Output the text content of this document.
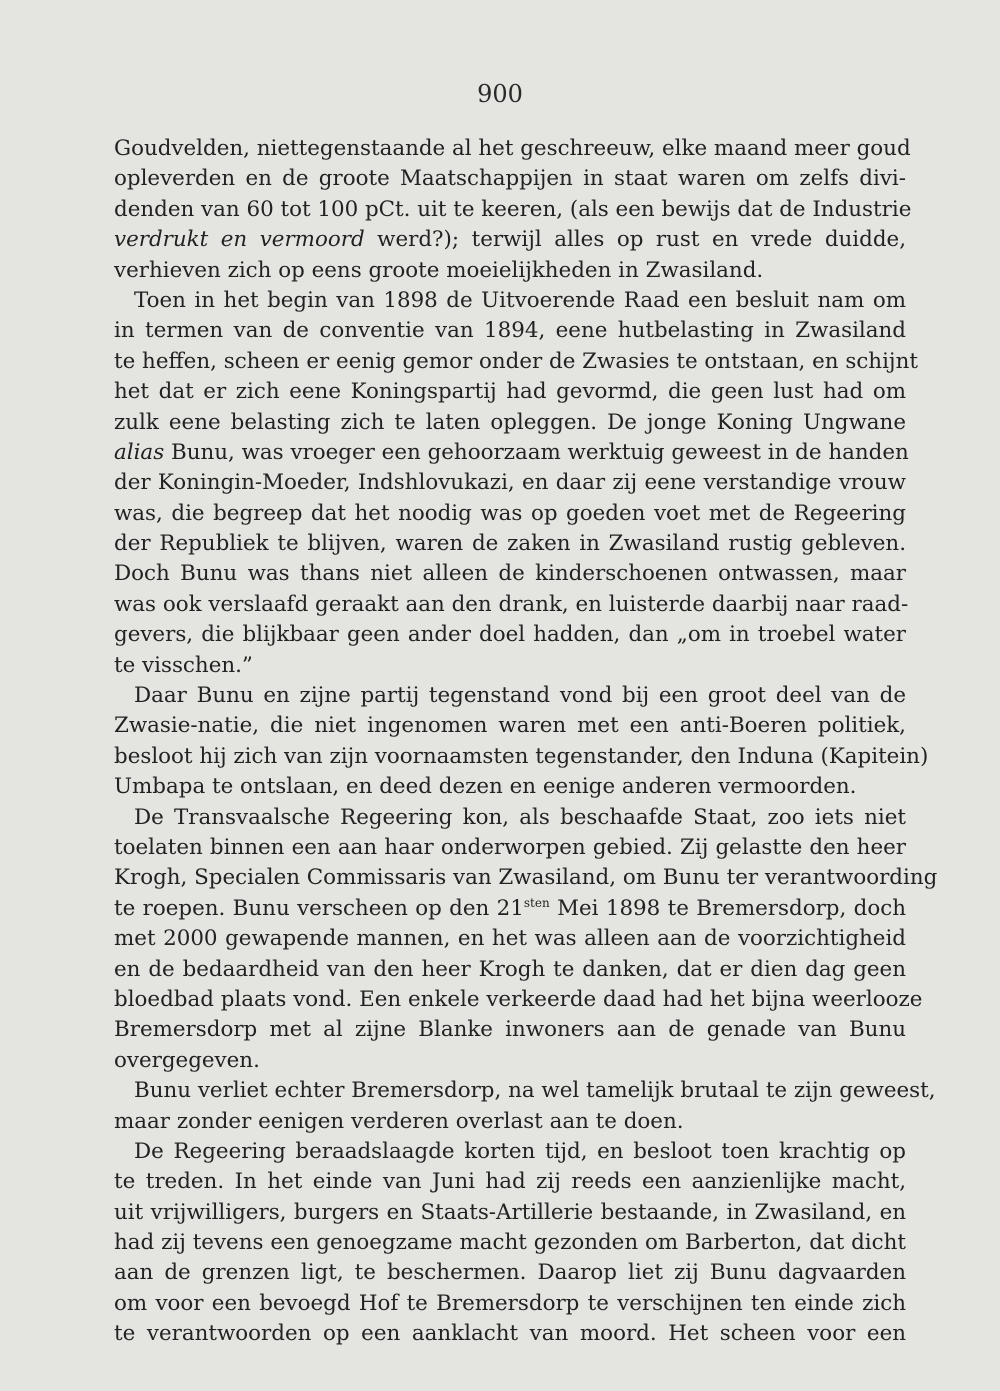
900
Goudvelden, niettegenstaande al het geschreeuw, elke maand meer goud
opleverden en de groote Maatschappijen in staat waren om zelfs divi-
denden van 60 tot 100 pCt. uit te keeren, (als een bewijs dat de Industrie
verdrukt en vermoord werd?); terwijl alles op rust en vrede duidde,
verhieven zich op eens groote moeielijkheden in Zwasiland.
Toen in het begin van 1898 de Uitvoerende Raad een besluit nam om
in termen van de conventie van 1894, eene hutbelasting in Zwasiland
te heffen, scheen er eenig gemor onder de Zwasies te ontstaan, en schijnt
het dat er zich eene Koningspartij had gevormd, die geen lust had om
zulk eene belasting zich te laten opleggen. De jonge Koning Ungwane
alias Bunu, was vroeger een gehoorzaam werktuig geweest in de handen
der Koningin-Moeder, Indshlovukazi, en daar zij eene verstandige vrouw
was, die begreep dat het noodig was op goeden voet met de Regeering
der Republiek te blijven, waren de zaken in Zwasiland rustig gebleven.
Doch Bunu was thans niet alleen de kinderschoenen ontwassen, maar
was ook verslaafd geraakt aan den drank, en luisterde daarbij naar raad-
gevers, die blijkbaar geen ander doel hadden, dan „om in troebel water
te visschen.”
Daar Bunu en zijne partij tegenstand vond bij een groot deel van de
Zwasie-natie, die niet ingenomen waren met een anti-Boeren politiek,
besloot hij zich van zijn voornaamsten tegenstander, den Induna (Kapitein)
Umbapa te ontslaan, en deed dezen en eenige anderen vermoorden.
De Transvaalsche Regeering kon, als beschaafde Staat, zoo iets niet
toelaten binnen een aan haar onderworpen gebied. Zij gelastte den heer
Krogh, Specialen Commissaris van Zwasiland, om Bunu ter verantwoording
te roepen. Bunu verscheen op den $21^{sten}$ Mei 1898 te Bremersdorp, doch
met 2000 gewapende mannen, en het was alleen aan de voorzichtigheid
en de bedaardheid van den heer Krogh te danken, dat er dien dag geen
bloedbad plaats vond. Een enkele verkeerde daad had het bijna weerlooze
Bremersdorp met al zijne Blanke inwoners aan de genade van Bunu
overgegeven.
Bunu verliet echter Bremersdorp, na wel tamelijk brutaal te zijn geweest,
maar zonder eenigen verderen overlast aan te doen.
De Regeering beraadslaagde korten tijd, en besloot toen krachtig op
te treden. In het einde van Juni had zij reeds een aanzienlijke macht,
uit vrijwilligers, burgers en Staats-Artillerie bestaande, in Zwasiland, en
had zij tevens een genoegzame macht gezonden om Barberton, dat dicht
aan de grenzen ligt, te beschermen. Daarop liet zij Bunu dagvaarden
om voor een bevoegd Hof te Bremersdorp te verschijnen ten einde zich
te verantwoorden op een aanklacht van moord. Het scheen voor een
